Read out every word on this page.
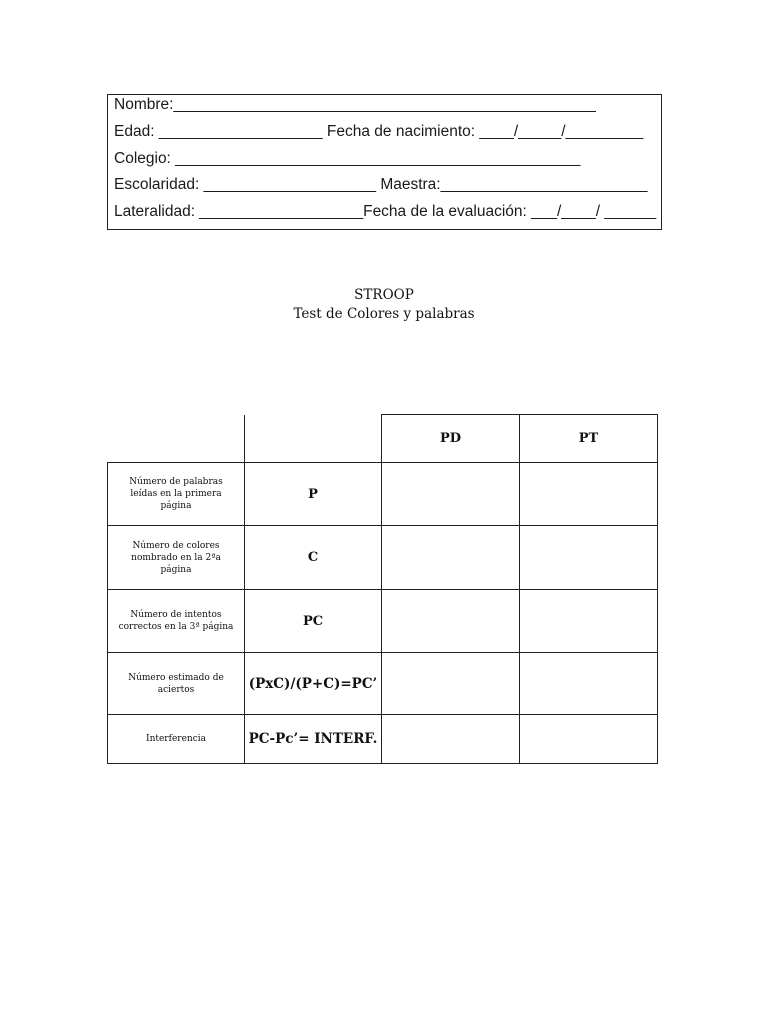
Nombre:_________________________________________________
Edad: ___________________ Fecha de nacimiento: ____/_____/_________
Colegio: _______________________________________________
Escolaridad: ____________________ Maestra:________________________
Lateralidad: ___________________Fecha de la evaluación: ___/____/ ______
STROOP
Test de Colores y palabras
		PD	PT
Número de palabras leídas en la primera página	P		
Número de colores nombrado en la 2ªa página	C		
Número de intentos correctos en la 3ª página	PC		
Número estimado de aciertos	(PxC)/(P+C)=PC’		
Interferencia	PC-Pc’= INTERF.		
